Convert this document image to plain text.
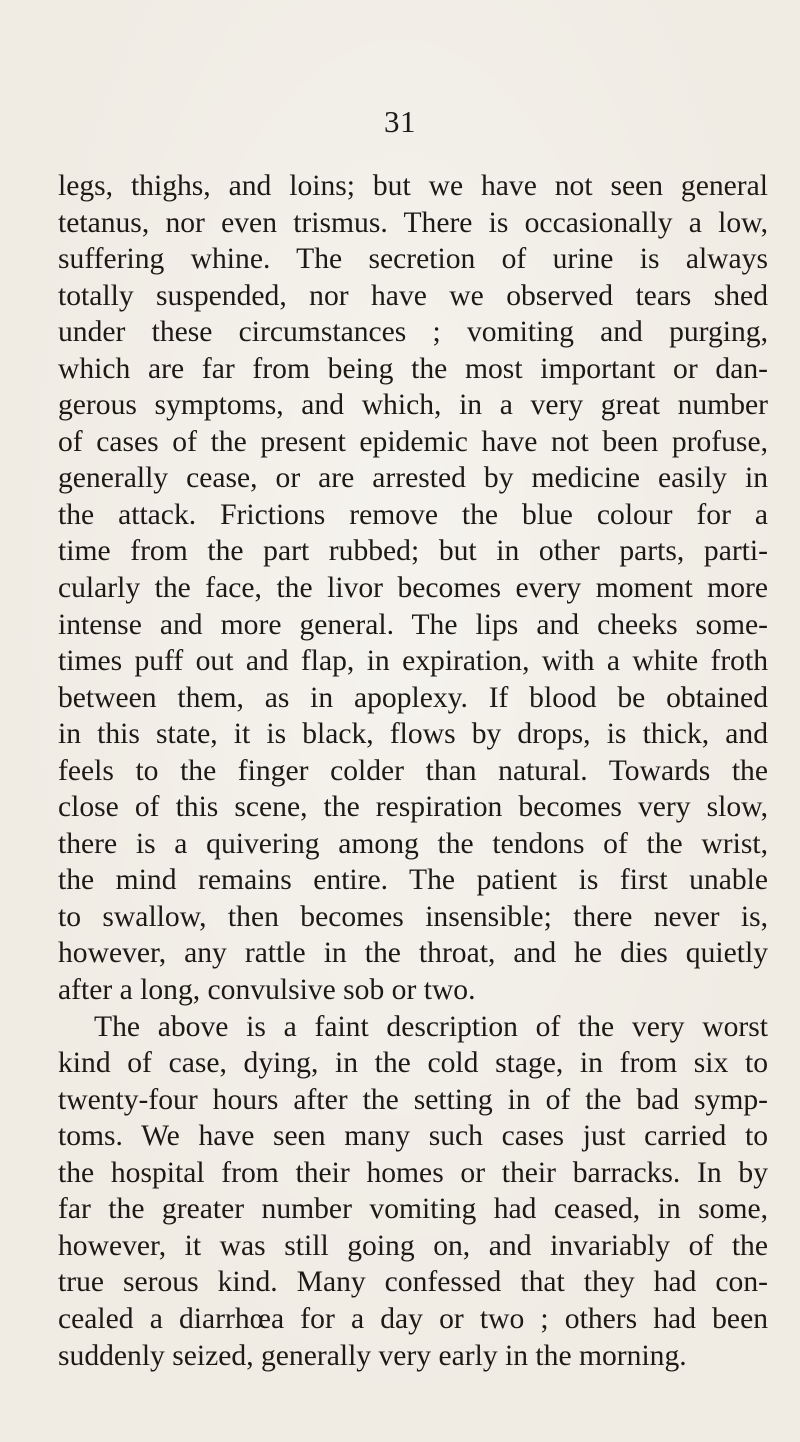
31
legs, thighs, and loins; but we have not seen general
tetanus, nor even trismus. There is occasionally a low,
suffering whine. The secretion of urine is always
totally suspended, nor have we observed tears shed
under these circumstances ; vomiting and purging,
which are far from being the most important or dan-
gerous symptoms, and which, in a very great number
of cases of the present epidemic have not been profuse,
generally cease, or are arrested by medicine easily in
the attack. Frictions remove the blue colour for a
time from the part rubbed; but in other parts, parti-
cularly the face, the livor becomes every moment more
intense and more general. The lips and cheeks some-
times puff out and flap, in expiration, with a white froth
between them, as in apoplexy. If blood be obtained
in this state, it is black, flows by drops, is thick, and
feels to the finger colder than natural. Towards the
close of this scene, the respiration becomes very slow,
there is a quivering among the tendons of the wrist,
the mind remains entire. The patient is first unable
to swallow, then becomes insensible; there never is,
however, any rattle in the throat, and he dies quietly
after a long, convulsive sob or two.
The above is a faint description of the very worst
kind of case, dying, in the cold stage, in from six to
twenty-four hours after the setting in of the bad symp-
toms. We have seen many such cases just carried to
the hospital from their homes or their barracks. In by
far the greater number vomiting had ceased, in some,
however, it was still going on, and invariably of the
true serous kind. Many confessed that they had con-
cealed a diarrhœa for a day or two ; others had been
suddenly seized, generally very early in the morning.
